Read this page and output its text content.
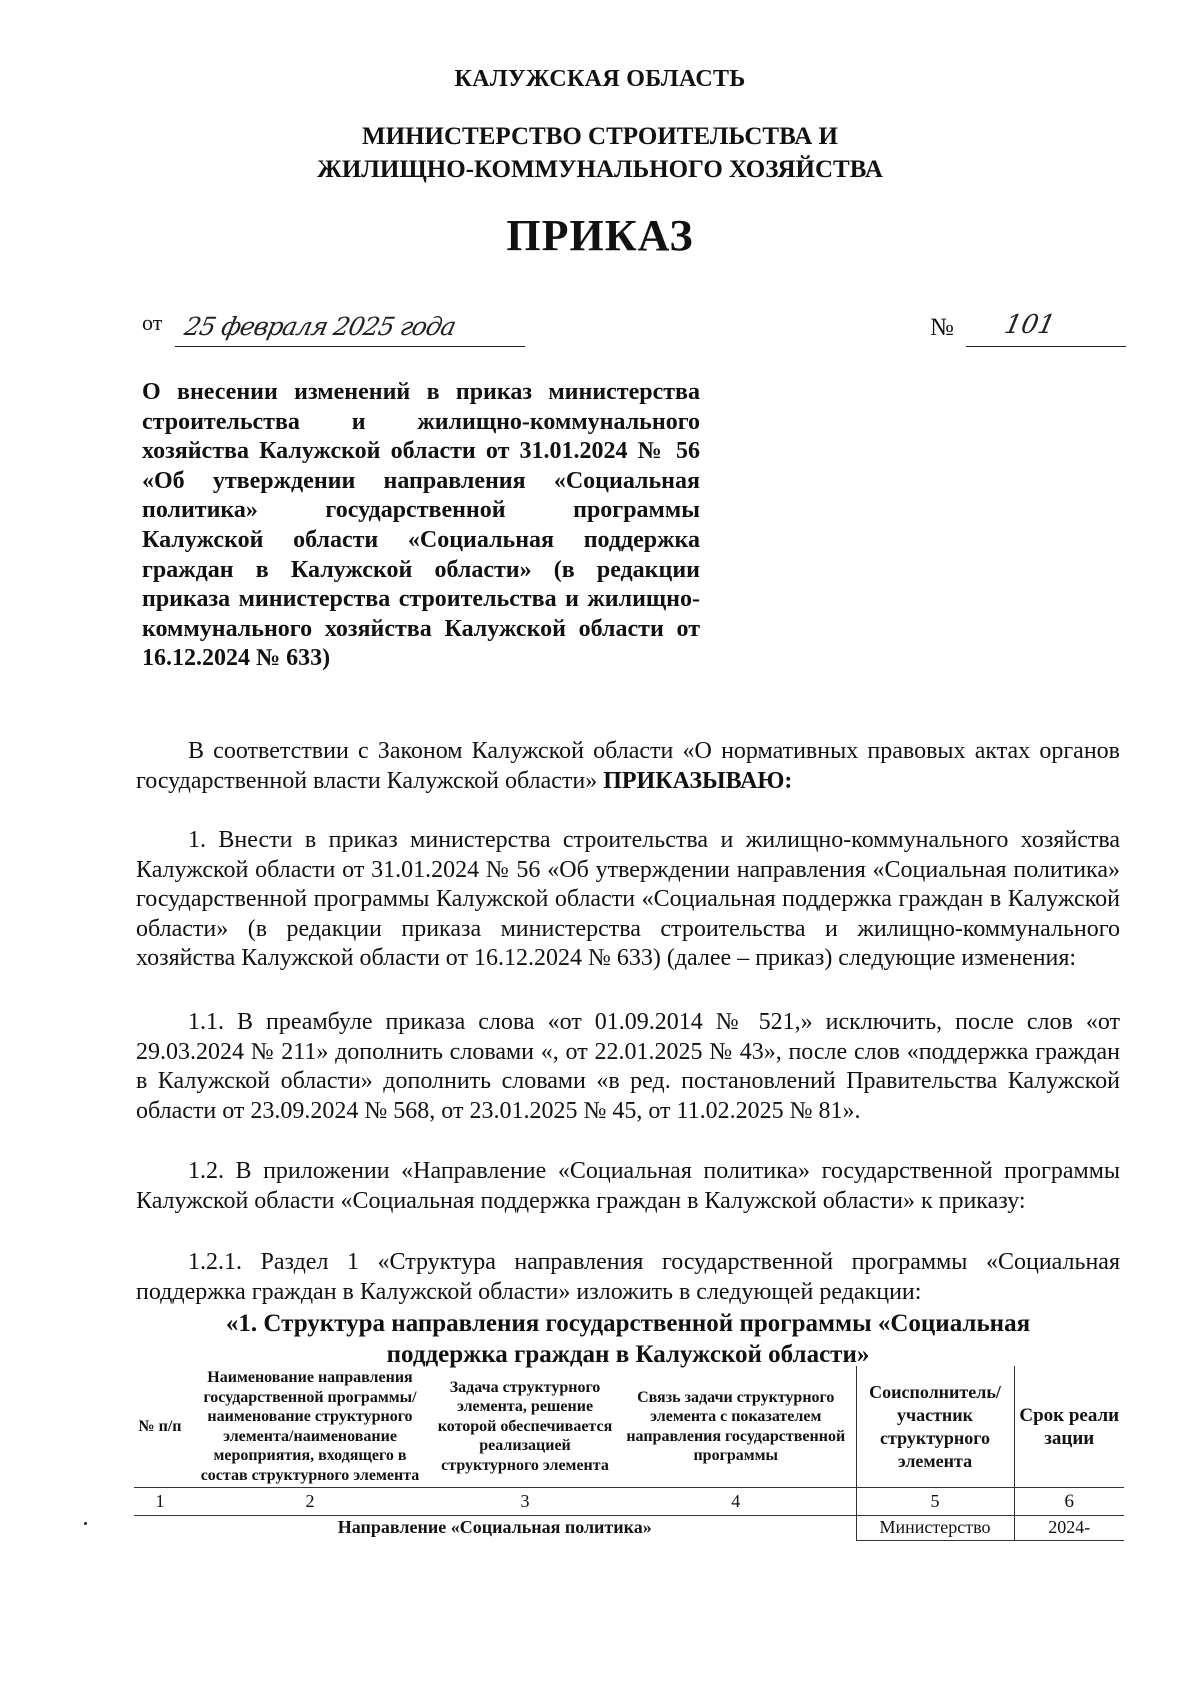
КАЛУЖСКАЯ ОБЛАСТЬ
МИНИСТЕРСТВО СТРОИТЕЛЬСТВА И
ЖИЛИЩНО-КОММУНАЛЬНОГО ХОЗЯЙСТВА
ПРИКАЗ
от 25 февраля 2025 года	№ 101
О внесении изменений в приказ министерства строительства и жилищно-коммунального хозяйства Калужской области от 31.01.2024 № 56 «Об утверждении направления «Социальная политика» государственной программы Калужской области «Социальная поддержка граждан в Калужской области» (в редакции приказа министерства строительства и жилищно-коммунального хозяйства Калужской области от 16.12.2024 № 633)
В соответствии с Законом Калужской области «О нормативных правовых актах органов государственной власти Калужской области» ПРИКАЗЫВАЮ:
1. Внести в приказ министерства строительства и жилищно-коммунального хозяйства Калужской области от 31.01.2024 № 56 «Об утверждении направления «Социальная политика» государственной программы Калужской области «Социальная поддержка граждан в Калужской области» (в редакции приказа министерства строительства и жилищно-коммунального хозяйства Калужской области от 16.12.2024 № 633) (далее – приказ) следующие изменения:
1.1. В преамбуле приказа слова «от 01.09.2014 № 521,» исключить, после слов «от 29.03.2024 № 211» дополнить словами «, от 22.01.2025 № 43», после слов «поддержка граждан в Калужской области» дополнить словами «в ред. постановлений Правительства Калужской области от 23.09.2024 № 568, от 23.01.2025 № 45, от 11.02.2025 № 81».
1.2. В приложении «Направление «Социальная политика» государственной программы Калужской области «Социальная поддержка граждан в Калужской области» к приказу:
1.2.1. Раздел 1 «Структура направления государственной программы «Социальная поддержка граждан в Калужской области» изложить в следующей редакции:
«1. Структура направления государственной программы «Социальная
поддержка граждан в Калужской области»
№ п/п	Наименование направления государственной программы/наименование структурного элемента/наименование мероприятия, входящего в состав структурного элемента	Задача структурного элемента, решение которой обеспечивается реализацией структурного элемента	Связь задачи структурного элемента с показателем направления государственной программы	Соисполнитель/ участник структурного элемента	Срок реали зации
1	2	3	4	5	6
Направление «Социальная политика»				Министерство	2024-
